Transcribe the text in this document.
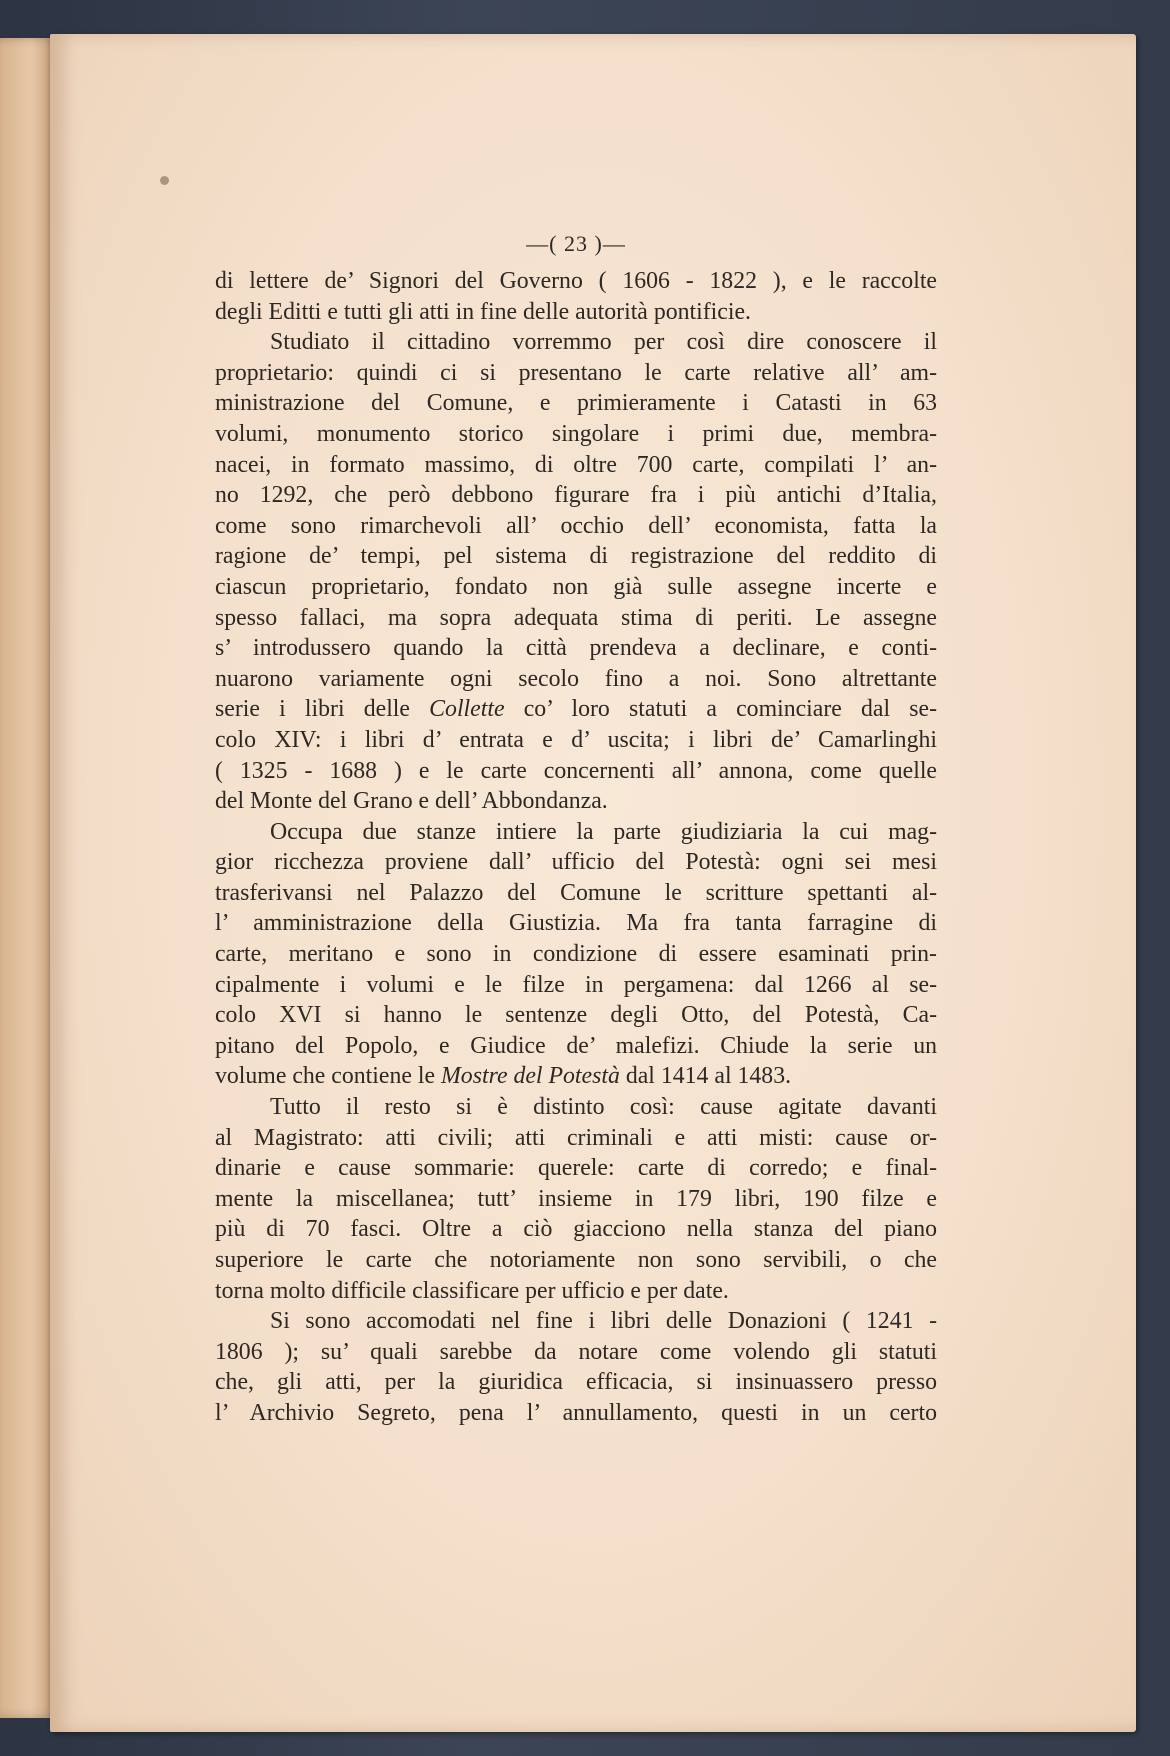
—( 23 )—
di lettere de’ Signori del Governo ( 1606 - 1822 ), e le raccolte
degli Editti e tutti gli atti in fine delle autorità pontificie.
Studiato il cittadino vorremmo per così dire conoscere il
proprietario: quindi ci si presentano le carte relative all’ am-
ministrazione del Comune, e primieramente i Catasti in 63
volumi, monumento storico singolare i primi due, membra-
nacei, in formato massimo, di oltre 700 carte, compilati l’ an-
no 1292, che però debbono figurare fra i più antichi d’Italia,
come sono rimarchevoli all’ occhio dell’ economista, fatta la
ragione de’ tempi, pel sistema di registrazione del reddito di
ciascun proprietario, fondato non già sulle assegne incerte e
spesso fallaci, ma sopra adequata stima di periti. Le assegne
s’ introdussero quando la città prendeva a declinare, e conti-
nuarono variamente ogni secolo fino a noi. Sono altrettante
serie i libri delle Collette co’ loro statuti a cominciare dal se-
colo XIV: i libri d’ entrata e d’ uscita; i libri de’ Camarlinghi
( 1325 - 1688 ) e le carte concernenti all’ annona, come quelle
del Monte del Grano e dell’ Abbondanza.
Occupa due stanze intiere la parte giudiziaria la cui mag-
gior ricchezza proviene dall’ ufficio del Potestà: ogni sei mesi
trasferivansi nel Palazzo del Comune le scritture spettanti al-
l’ amministrazione della Giustizia. Ma fra tanta farragine di
carte, meritano e sono in condizione di essere esaminati prin-
cipalmente i volumi e le filze in pergamena: dal 1266 al se-
colo XVI si hanno le sentenze degli Otto, del Potestà, Ca-
pitano del Popolo, e Giudice de’ malefizi. Chiude la serie un
volume che contiene le Mostre del Potestà dal 1414 al 1483.
Tutto il resto si è distinto così: cause agitate davanti
al Magistrato: atti civili; atti criminali e atti misti: cause or-
dinarie e cause sommarie: querele: carte di corredo; e final-
mente la miscellanea; tutt’ insieme in 179 libri, 190 filze e
più di 70 fasci. Oltre a ciò giacciono nella stanza del piano
superiore le carte che notoriamente non sono servibili, o che
torna molto difficile classificare per ufficio e per date.
Si sono accomodati nel fine i libri delle Donazioni ( 1241 -
1806 ); su’ quali sarebbe da notare come volendo gli statuti
che, gli atti, per la giuridica efficacia, si insinuassero presso
l’ Archivio Segreto, pena l’ annullamento, questi in un certo
